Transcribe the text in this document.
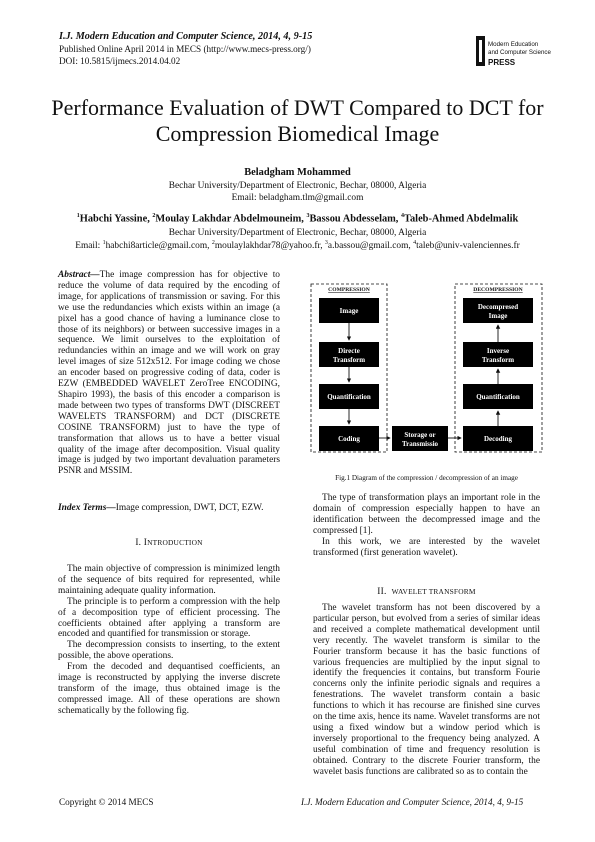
I.J. Modern Education and Computer Science, 2014, 4, 9-15
Published Online April 2014 in MECS (http://www.mecs-press.org/)
DOI: 10.5815/ijmecs.2014.04.02
Modern Education
and Computer Science
PRESS
Performance Evaluation of DWT Compared to DCT for Compression Biomedical Image
Beladgham Mohammed
Bechar University/Department of Electronic, Bechar, 08000, Algeria
Email: beladgham.tlm@gmail.com
$^1$Habchi Yassine, $^2$Moulay Lakhdar Abdelmouneim, $^3$Bassou Abdesselam, $^4$Taleb-Ahmed Abdelmalik
Bechar University/Department of Electronic, Bechar, 08000, Algeria
Email: $^1$habchi8article@gmail.com, $^2$moulaylakhdar78@yahoo.fr, $^3$a.bassou@gmail.com, $^4$taleb@univ-valenciennes.fr

Abstract—The image compression has for objective to reduce the volume of data required by the encoding of image, for applications of transmission or saving. For this we use the redundancies which exists within an image (a pixel has a good chance of having a luminance close to those of its neighbors) or between successive images in a sequence. We limit ourselves to the exploitation of redundancies within an image and we will work on gray level images of size 512x512. For image coding we chose an encoder based on progressive coding of data, coder is EZW (EMBEDDED WAVELET ZeroTree ENCODING, Shapiro 1993), the basis of this encoder a comparison is made between two types of transforms DWT (DISCREET WAVELETS TRANSFORM) and DCT (DISCRETE COSINE TRANSFORM) just to have the type of transformation that allows us to have a better visual quality of the image after decomposition. Visual quality image is judged by two important devaluation parameters PSNR and MSSIM.

Index Terms—Image compression, DWT, DCT, EZW.

I. INTRODUCTION

The main objective of compression is minimized length of the sequence of bits required for represented, while maintaining adequate quality information.

The principle is to perform a compression with the help of a decomposition type of efficient processing. The coefficients obtained after applying a transform are encoded and quantified for transmission or storage.

The decompression consists to inserting, to the extent possible, the above operations.

From the decoded and dequantised coefficients, an image is reconstructed by applying the inverse discrete transform of the image, thus obtained image is the compressed image. All of these operations are shown schematically by the following fig.

COMPRESSION	DECOMPRESSION
Image
Directe
Transform
Quantification
Coding	Storage or
Transmissio
Decoding
Quantification
Inverse
Transform
Decompresed
Image
Fig.1 Diagram of the compression / decompression of an image

The type of transformation plays an important role in the domain of compression especially happen to have an identification between the decompressed image and the compressed [1].

In this work, we are interested by the wavelet transformed (first generation wavelet).

II. WAVELET TRANSFORM

The wavelet transform has not been discovered by a particular person, but evolved from a series of similar ideas and received a complete mathematical development until very recently. The wavelet transform is similar to the Fourier transform because it has the basic functions of various frequencies are multiplied by the input signal to identify the frequencies it contains, but transform Fourie concerns only the infinite periodic signals and requires a fenestrations. The wavelet transform contain a basic functions to which it has recourse are finished sine curves on the time axis, hence its name. Wavelet transforms are not using a fixed window but a window period which is inversely proportional to the frequency being analyzed. A useful combination of time and frequency resolution is obtained. Contrary to the discrete Fourier transform, the wavelet basis functions are calibrated so as to contain the

Copyright © 2014 MECS	I.J. Modern Education and Computer Science, 2014, 4, 9-15
